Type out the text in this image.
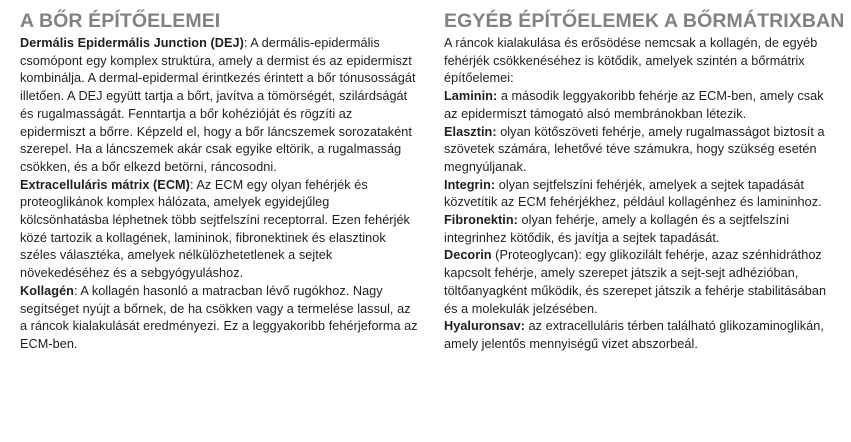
A BŐR ÉPÍTŐELEMEI

Dermális Epidermális Junction (DEJ): A dermális-epidermális csomópont egy komplex struktúra, amely a dermist és az epidermiszt kombinálja. A dermal-epidermal érintkezés érintett a bőr tónusosságát illetően. A DEJ együtt tartja a bőrt, javítva a tömörségét, szilárdságát és rugalmasságát. Fenntartja a bőr kohézióját és rögzíti az epidermiszt a bőrre. Képzeld el, hogy a bőr láncszemek sorozataként szerepel. Ha a láncszemek akár csak egyike eltörik, a rugalmasság csökken, és a bőr elkezd betörni, ráncosodni.

Extracelluláris mátrix (ECM): Az ECM egy olyan fehérjék és proteoglikánok komplex hálózata, amelyek egyidejűleg kölcsönhatásba léphetnek több sejtfelszíni receptorral. Ezen fehérjék közé tartozik a kollagének, lamininok, fibronektinek és elasztinok széles választéka, amelyek nélkülözhetetlenek a sejtek növekedéséhez és a sebgyógyuláshoz.

Kollagén: A kollagén hasonló a matracban lévő rugókhoz. Nagy segítséget nyújt a bőrnek, de ha csökken vagy a termelése lassul, az a ráncok kialakulását eredményezi. Ez a leggyakoribb fehérjeforma az ECM-ben.

EGYÉB ÉPÍTŐELEMEK A BŐRMÁTRIXBAN

A ráncok kialakulása és erősödése nemcsak a kollagén, de egyéb fehérjék csökkenéséhez is kötődik, amelyek szintén a bőrmátrix építőelemei:

Laminin: a második leggyakoribb fehérje az ECM-ben, amely csak az epidermiszt támogató alsó membránokban létezik.

Elasztin: olyan kötőszöveti fehérje, amely rugalmasságot biztosít a szövetek számára, lehetővé téve számukra, hogy szükség esetén megnyúljanak.

Integrin: olyan sejtfelszíni fehérjék, amelyek a sejtek tapadását közvetítik az ECM fehérjékhez, például kollagénhez és lamininhoz.

Fibronektin: olyan fehérje, amely a kollagén és a sejtfelszíni integrinhez kötődik, és javítja a sejtek tapadását.

Decorin (Proteoglycan): egy glikozilált fehérje, azaz szénhidráthoz kapcsolt fehérje, amely szerepet játszik a sejt-sejt adhézióban, töltőanyagként működik, és szerepet játszik a fehérje stabilitásában és a molekulák jelzésében.

Hyaluronsav: az extracelluláris térben található glikozaminoglikán, amely jelentős mennyiségű vizet abszorbeál.
